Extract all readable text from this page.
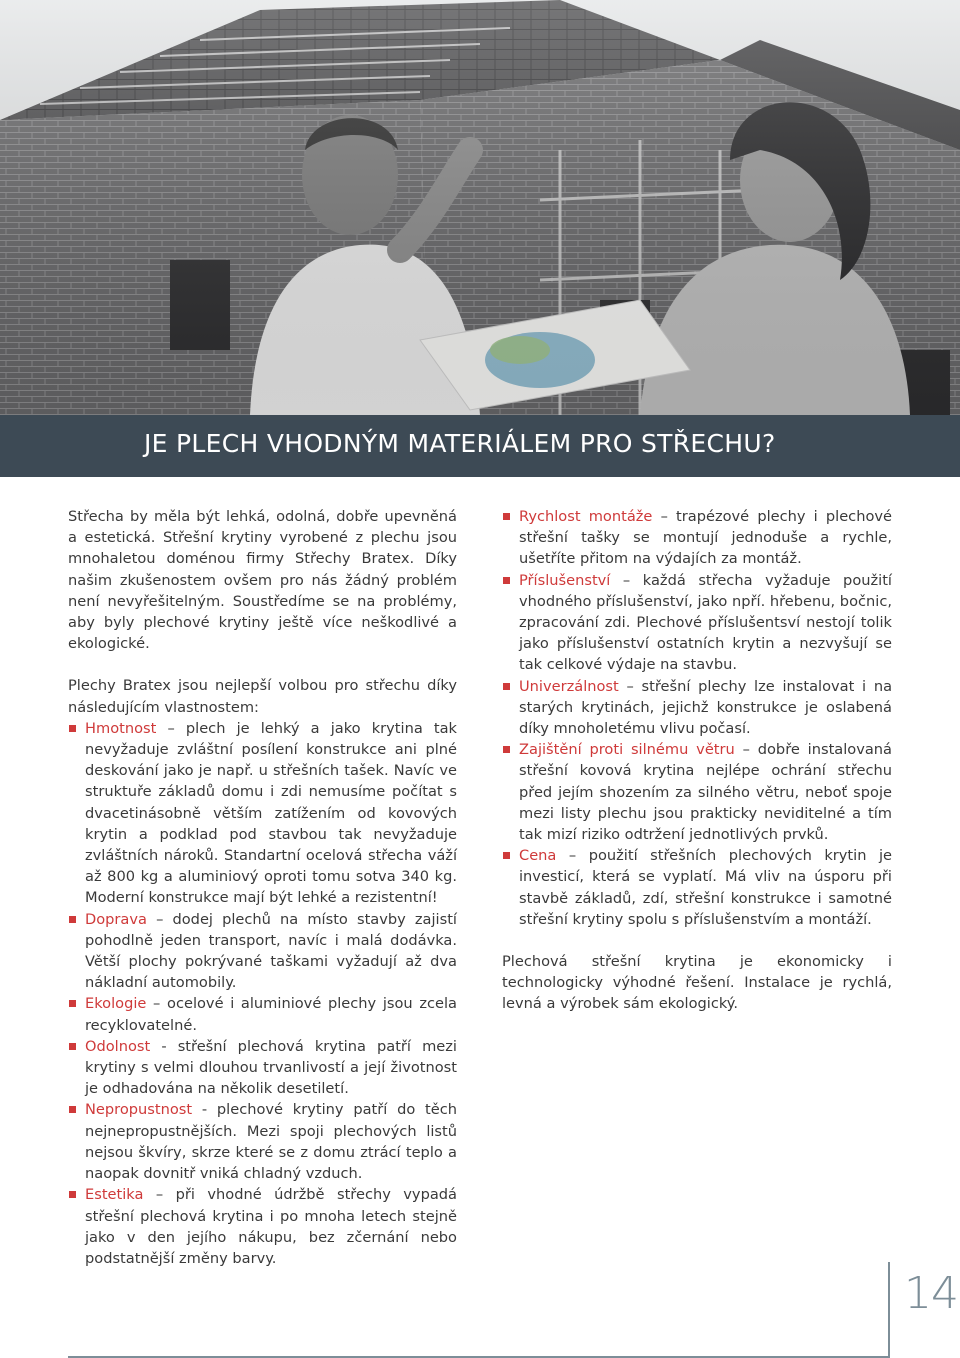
JE PLECH VHODNÝM MATERIÁLEM PRO STŘECHU?

Střecha by měla být lehká, odolná, dobře upevněná a estetická. Střešní krytiny vyrobené z plechu jsou mnohaletou doménou firmy Střechy Bratex. Díky našim zkušenostem ovšem pro nás žádný problém není nevyřešitelným. Soustředíme se na problémy, aby byly plechové krytiny ještě více neškodlivé a ekologické.

Plechy Bratex jsou nejlepší volbou pro střechu díky následujícím vlastnostem:

Hmotnost – plech je lehký a jako krytina tak nevyžaduje zvláštní posílení konstrukce ani plné deskování jako je např. u střešních tašek. Navíc ve struktuře základů domu i zdi nemusíme počítat s dvacetinásobně větším zatížením od kovových krytin a podklad pod stavbou tak nevyžaduje zvláštních nároků. Standartní ocelová střecha váží až 800 kg a aluminiový oproti tomu sotva 340 kg. Moderní konstrukce mají být lehké a rezistentní!
Doprava – dodej plechů na místo stavby zajistí pohodlně jeden transport, navíc i malá dodávka. Větší plochy pokrývané taškami vyžadují až dva nákladní automobily.
Ekologie – ocelové i aluminiové plechy jsou zcela recyklovatelné.
Odolnost - střešní plechová krytina patří mezi krytiny s velmi dlouhou trvanlivostí a její životnost je odhadována na několik desetiletí.
Nepropustnost - plechové krytiny patří do těch nejnepropustnějších. Mezi spoji plechových listů nejsou škvíry, skrze které se z domu ztrácí teplo a naopak dovnitř vniká chladný vzduch.
Estetika – při vhodné údržbě střechy vypadá střešní plechová krytina i po mnoha letech stejně jako v den jejího nákupu, bez zčernání nebo podstatnější změny barvy.
Rychlost montáže – trapézové plechy i plechové střešní tašky se montují jednoduše a rychle, ušetříte přitom na výdajích za montáž.
Příslušenství – každá střecha vyžaduje použití vhodného příslušenství, jako npří. hřebenu, bočnic, zpracování zdi. Plechové příslušentsví nestojí tolik jako příslušenství ostatních krytin a nezvyšují se tak celkové výdaje na stavbu.
Univerzálnost – střešní plechy lze instalovat i na starých krytinách, jejichž konstrukce je oslabená díky mnoholetému vlivu počasí.
Zajištění proti silnému větru – dobře instalovaná střešní kovová krytina nejlépe ochrání střechu před jejím shozením za silného větru, neboť spoje mezi listy plechu jsou prakticky neviditelné a tím tak mizí riziko odtržení jednotlivých prvků.
Cena – použití střešních plechových krytin je investicí, která se vyplatí. Má vliv na úsporu při stavbě základů, zdí, střešní konstrukce i samotné střešní krytiny spolu s příslušenstvím a montáží.

Plechová střešní krytina je ekonomicky i technologicky výhodné řešení. Instalace je rychlá, levná a výrobek sám ekologický.

14
